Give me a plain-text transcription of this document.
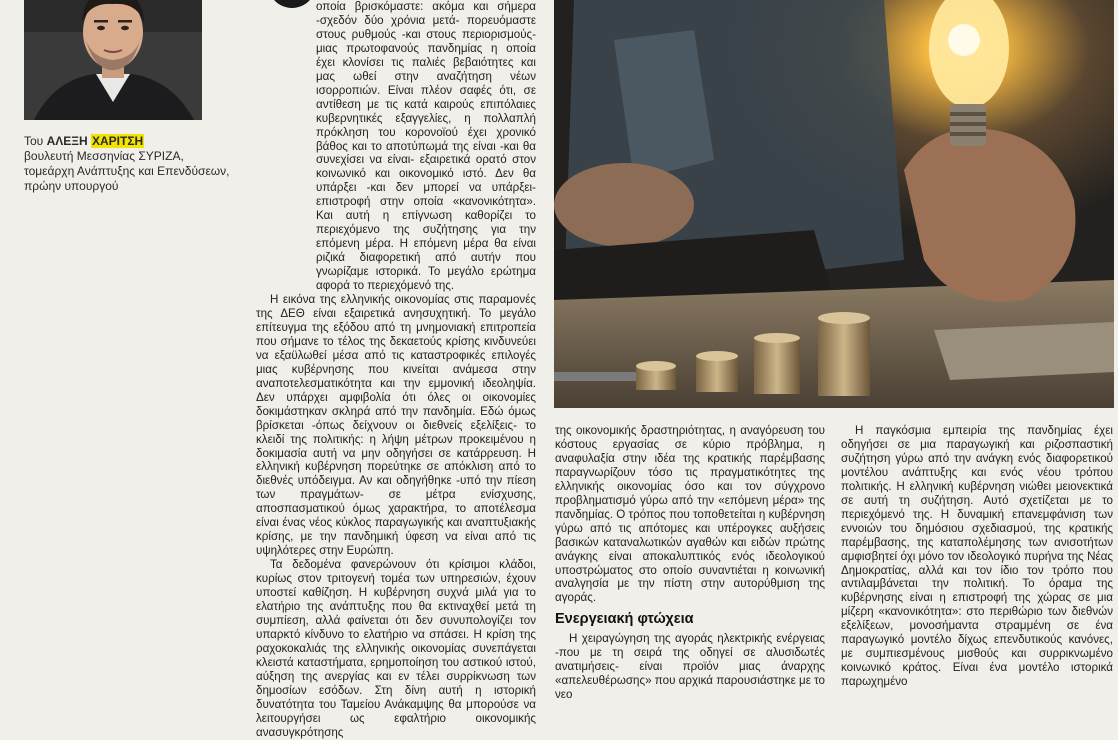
Του ΑΛΕΞΗ ΧΑΡΙΤΣΗ
βουλευτή Μεσσηνίας ΣΥΡΙΖΑ,
τομεάρχη Ανάπτυξης και Επενδύσεων,
πρώην υπουργού

οποία βρισκόμαστε: ακόμα και σήμερα -σχεδόν δύο χρόνια μετά- πορευόμαστε στους ρυθμούς -και στους περιορισμούς- μιας πρωτοφανούς πανδημίας η οποία έχει κλονίσει τις παλιές βεβαιότητες και μας ωθεί στην αναζήτηση νέων ισορροπιών. Είναι πλέον σαφές ότι, σε αντίθεση με τις κατά καιρούς επιπόλαιες κυβερνητικές εξαγγελίες, η πολλαπλή πρόκληση του κορονοϊού έχει χρονικό βάθος και το αποτύπωμά της είναι -και θα συνεχίσει να είναι- εξαιρετικά ορατό στον κοινωνικό και οικονομικό ιστό. Δεν θα υπάρξει -και δεν μπορεί να υπάρξει- επιστροφή στην οποία «κανονικότητα». Και αυτή η επίγνωση καθορίζει το περιεχόμενο της συζήτησης για την επόμενη μέρα. Η επόμενη μέρα θα είναι ριζικά διαφορετική από αυτήν που γνωρίζαμε ιστορικά. Το μεγάλο ερώτημα αφορά το περιεχόμενό της.

Η εικόνα της ελληνικής οικονομίας στις παραμονές της ΔΕΘ είναι εξαιρετικά ανησυχητική. Το μεγάλο επίτευγμα της εξόδου από τη μνημονιακή επιτροπεία που σήμανε το τέλος της δεκαετούς κρίσης κινδυνεύει να εξαϋλωθεί μέσα από τις καταστροφικές επιλογές μιας κυβέρνησης που κινείται ανάμεσα στην αναποτελεσματικότητα και την εμμονική ιδεοληψία. Δεν υπάρχει αμφιβολία ότι όλες οι οικονομίες δοκιμάστηκαν σκληρά από την πανδημία. Εδώ όμως βρίσκεται -όπως δείχνουν οι διεθνείς εξελίξεις- το κλειδί της πολιτικής: η λήψη μέτρων προκειμένου η δοκιμασία αυτή να μην οδηγήσει σε κατάρρευση. Η ελληνική κυβέρνηση πορεύτηκε σε απόκλιση από το διεθνές υπόδειγμα. Αν και οδηγήθηκε -υπό την πίεση των πραγμάτων- σε μέτρα ενίσχυσης, αποσπασματικού όμως χαρακτήρα, το αποτέλεσμα είναι ένας νέος κύκλος παραγωγικής και αναπτυξιακής κρίσης, με την πανδημική ύφεση να είναι από τις υψηλότερες στην Ευρώπη.

Τα δεδομένα φανερώνουν ότι κρίσιμοι κλάδοι, κυρίως στον τριτογενή τομέα των υπηρεσιών, έχουν υποστεί καθίζηση. Η κυβέρνηση συχνά μιλά για το ελατήριο της ανάπτυξης που θα εκτιναχθεί μετά τη συμπίεση, αλλά φαίνεται ότι δεν συνυπολογίζει τον υπαρκτό κίνδυνο το ελατήριο να σπάσει. Η κρίση της ραχοκοκαλιάς της ελληνικής οικονομίας συνεπάγεται κλειστά καταστήματα, ερημοποίηση του αστικού ιστού, αύξηση της ανεργίας και εν τέλει συρρίκνωση των δημοσίων εσόδων. Στη δίνη αυτή η ιστορική δυνατότητα του Ταμείου Ανάκαμψης θα μπορούσε να λειτουργήσει ως εφαλτήριο οικονομικής ανασυγκρότησης

της οικονομικής δραστηριότητας, η αναγόρευση του κόστους εργασίας σε κύριο πρόβλημα, η αναφυλαξία στην ιδέα της κρατικής παρέμβασης παραγνωρίζουν τόσο τις πραγματικότητες της ελληνικής οικονομίας όσο και τον σύγχρονο προβληματισμό γύρω από την «επόμενη μέρα» της πανδημίας. Ο τρόπος που τοποθετείται η κυβέρνηση γύρω από τις απότομες και υπέρογκες αυξήσεις βασικών καταναλωτικών αγαθών και ειδών πρώτης ανάγκης είναι αποκαλυπτικός ενός ιδεολογικού υποστρώματος στο οποίο συναντιέται η κοινωνική αναλγησία με την πίστη στην αυτορύθμιση της αγοράς.

Ενεργειακή φτώχεια

Η χειραγώγηση της αγοράς ηλεκτρικής ενέργειας -που με τη σειρά της οδηγεί σε αλυσιδωτές ανατιμήσεις- είναι προϊόν μιας άναρχης «απελευθέρωσης» που αρχικά παρουσιάστηκε με το νεο

Η παγκόσμια εμπειρία της πανδημίας έχει οδηγήσει σε μια παραγωγική και ριζοσπαστική συζήτηση γύρω από την ανάγκη ενός διαφορετικού μοντέλου ανάπτυξης και ενός νέου τρόπου πολιτικής. Η ελληνική κυβέρνηση νιώθει μειονεκτικά σε αυτή τη συζήτηση. Αυτό σχετίζεται με το περιεχόμενό της. Η δυναμική επανεμφάνιση των εννοιών του δημόσιου σχεδιασμού, της κρατικής παρέμβασης, της καταπολέμησης των ανισοτήτων αμφισβητεί όχι μόνο τον ιδεολογικό πυρήνα της Νέας Δημοκρατίας, αλλά και τον ίδιο τον τρόπο που αντιλαμβάνεται την πολιτική. Το όραμα της κυβέρνησης είναι η επιστροφή της χώρας σε μια μίζερη «κανονικότητα»: στο περιθώριο των διεθνών εξελίξεων, μονοσήμαντα στραμμένη σε ένα παραγωγικό μοντέλο δίχως επενδυτικούς κανόνες, με συμπιεσμένους μισθούς και συρρικνωμένο κοινωνικό κράτος. Είναι ένα μοντέλο ιστορικά παρωχημένο
